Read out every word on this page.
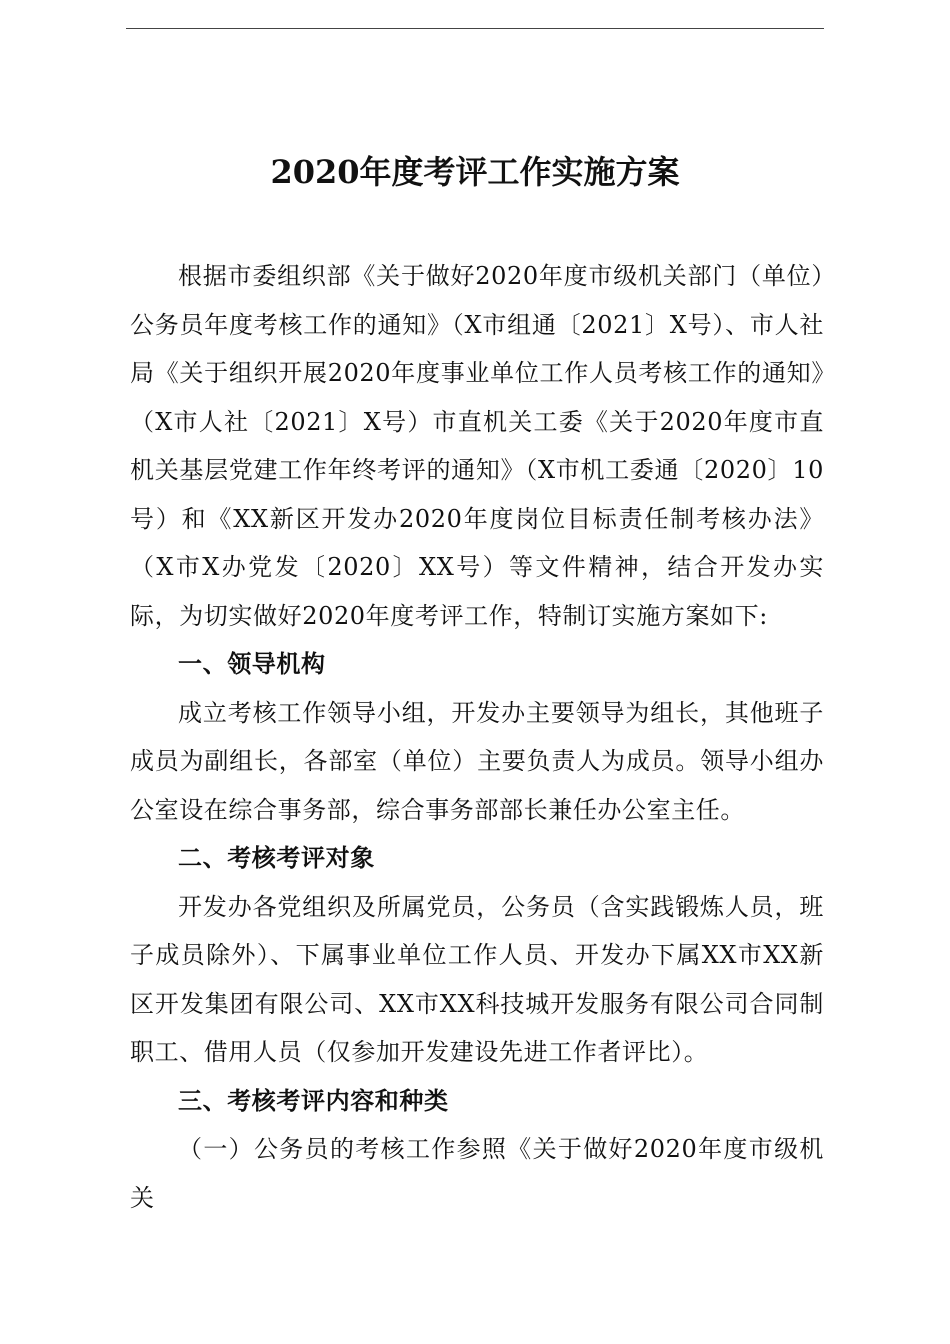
2020年度考评工作实施方案

根据市委组织部《关于做好2020年度市级机关部门（单位）公务员年度考核工作的通知》（X市组通〔2021〕X号）、市人社局《关于组织开展2020年度事业单位工作人员考核工作的通知》（X市人社〔2021〕X号）市直机关工委《关于2020年度市直机关基层党建工作年终考评的通知》（X市机工委通〔2020〕10号）和《XX新区开发办2020年度岗位目标责任制考核办法》（X市X办党发〔2020〕XX号）等文件精神，结合开发办实际，为切实做好2020年度考评工作，特制订实施方案如下:

一、领导机构

成立考核工作领导小组，开发办主要领导为组长，其他班子成员为副组长，各部室（单位）主要负责人为成员。领导小组办公室设在综合事务部，综合事务部部长兼任办公室主任。

二、考核考评对象

开发办各党组织及所属党员，公务员（含实践锻炼人员，班子成员除外）、下属事业单位工作人员、开发办下属XX市XX新区开发集团有限公司、XX市XX科技城开发服务有限公司合同制职工、借用人员（仅参加开发建设先进工作者评比）。

三、考核考评内容和种类

（一）公务员的考核工作参照《关于做好2020年度市级机关
